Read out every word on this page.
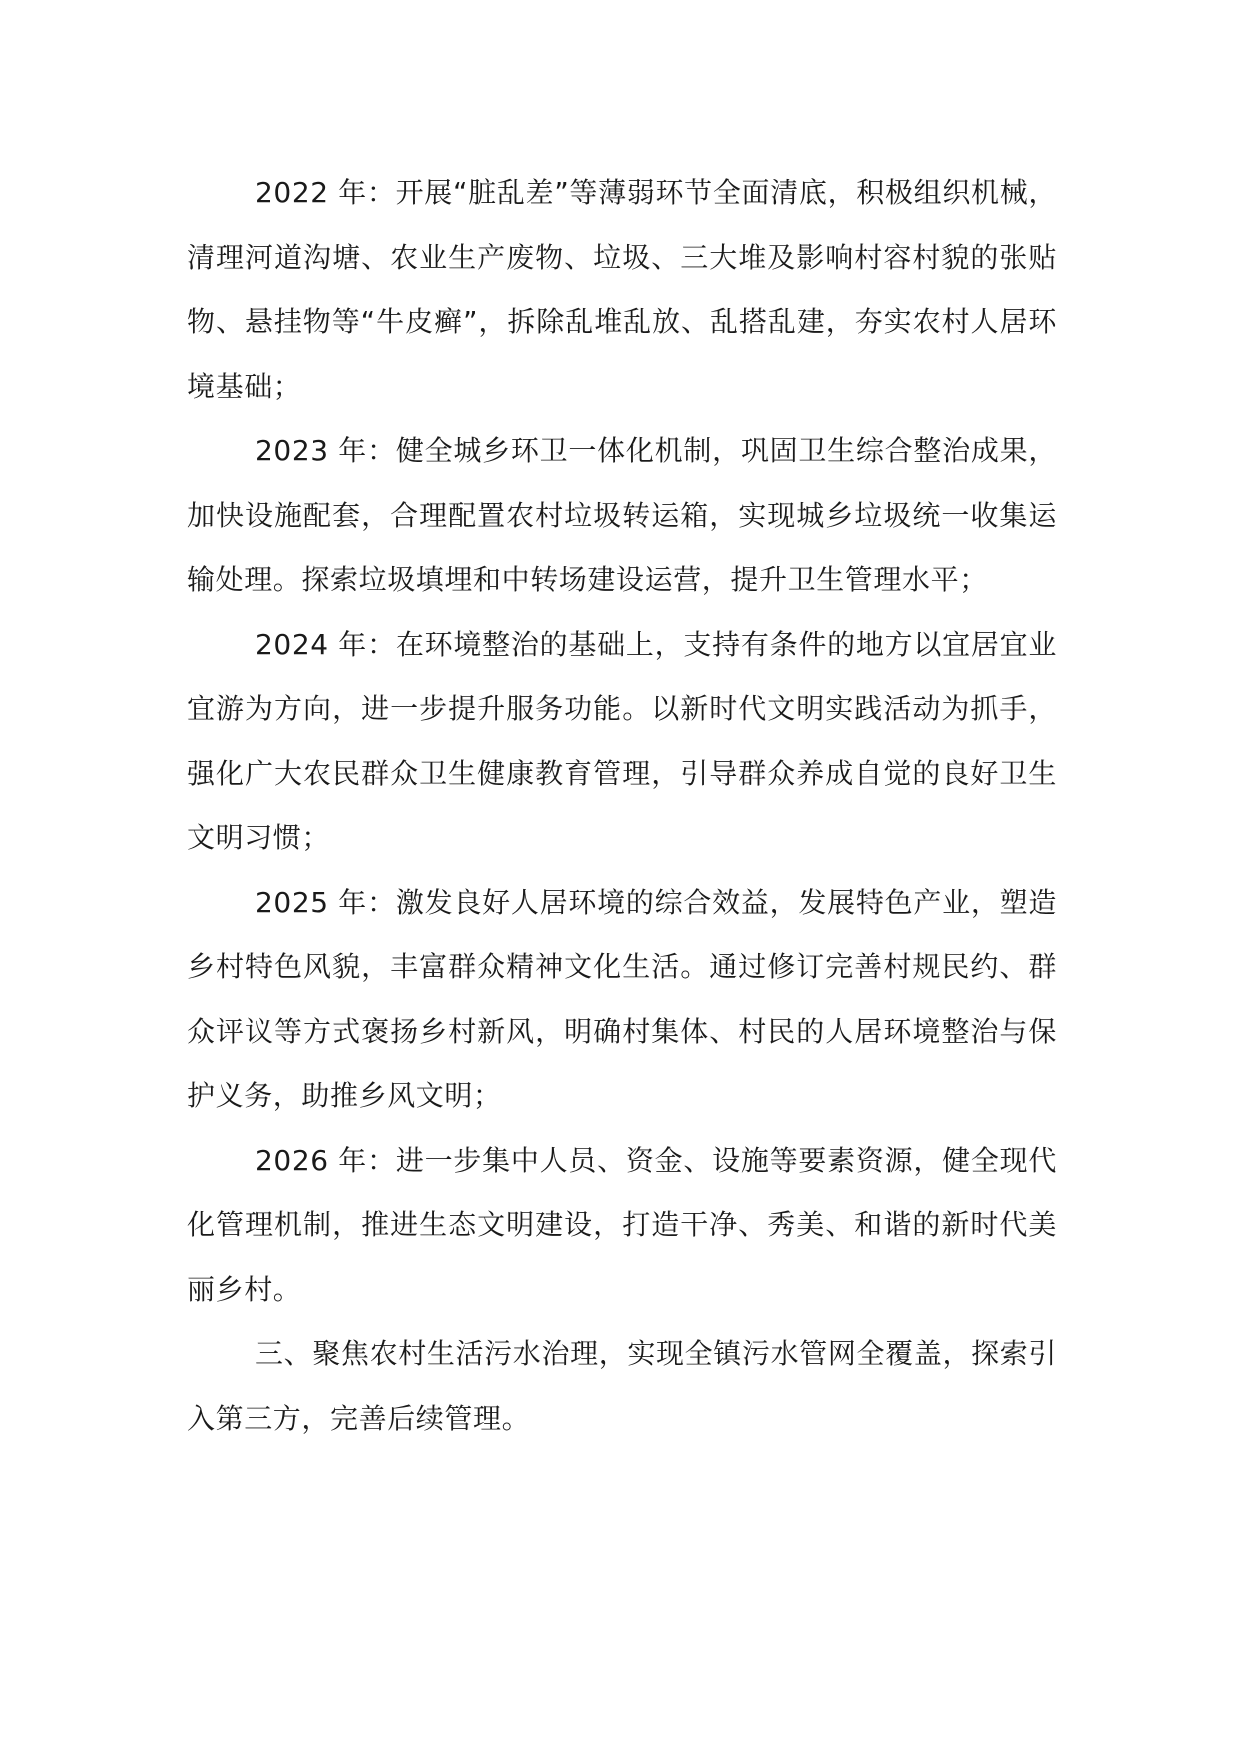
2022 年：开展“脏乱差”等薄弱环节全面清底，积极组织机械，清理河道沟塘、农业生产废物、垃圾、三大堆及影响村容村貌的张贴物、悬挂物等“牛皮癣”，拆除乱堆乱放、乱搭乱建，夯实农村人居环境基础；

2023 年：健全城乡环卫一体化机制，巩固卫生综合整治成果，加快设施配套，合理配置农村垃圾转运箱，实现城乡垃圾统一收集运输处理。探索垃圾填埋和中转场建设运营，提升卫生管理水平；

2024 年：在环境整治的基础上，支持有条件的地方以宜居宜业宜游为方向，进一步提升服务功能。以新时代文明实践活动为抓手，强化广大农民群众卫生健康教育管理，引导群众养成自觉的良好卫生文明习惯；

2025 年：激发良好人居环境的综合效益，发展特色产业，塑造乡村特色风貌，丰富群众精神文化生活。通过修订完善村规民约、群众评议等方式褒扬乡村新风，明确村集体、村民的人居环境整治与保护义务，助推乡风文明；

2026 年：进一步集中人员、资金、设施等要素资源，健全现代化管理机制，推进生态文明建设，打造干净、秀美、和谐的新时代美丽乡村。

三、聚焦农村生活污水治理，实现全镇污水管网全覆盖，探索引入第三方，完善后续管理。
